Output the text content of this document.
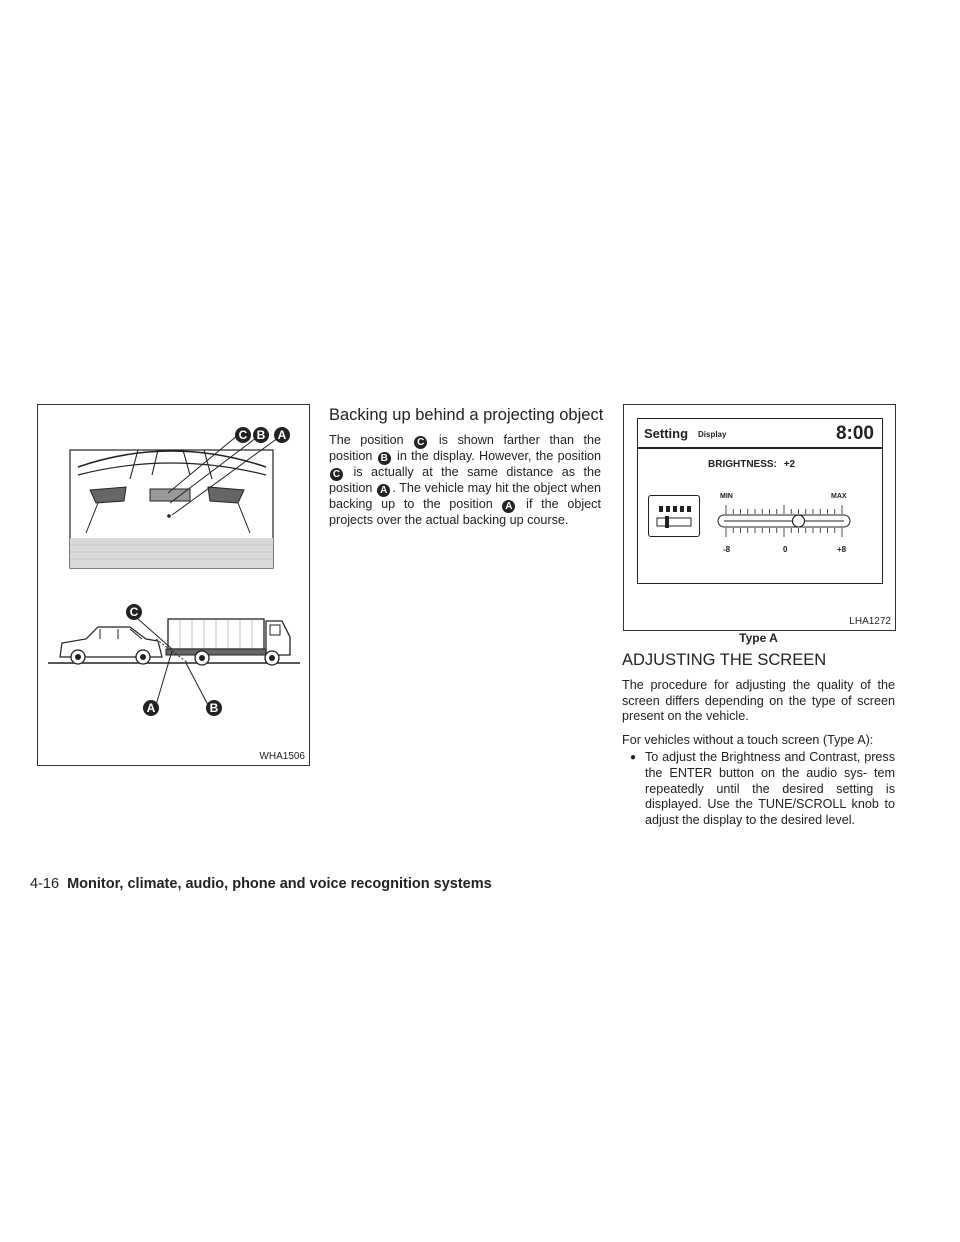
C B A
C
A	B
WHA1506
Backing up behind a projecting object

The position C is shown farther than the position B in the display. However, the position C is actually at the same distance as the position A . The vehicle may hit the object when backing up to the position A if the object projects over the actual backing up course.

Setting Display	8:00
BRIGHTNESS: +2
MIN	MAX
-8	0	+8
LHA1272
Type A
ADJUSTING THE SCREEN

The procedure for adjusting the quality of the screen differs depending on the type of screen present on the vehicle.

For vehicles without a touch screen (Type A):

● To adjust the Brightness and Contrast, press the ENTER button on the audio sys- tem repeatedly until the desired setting is displayed. Use the TUNE/SCROLL knob to adjust the display to the desired level.

4-16 Monitor, climate, audio, phone and voice recognition systems
